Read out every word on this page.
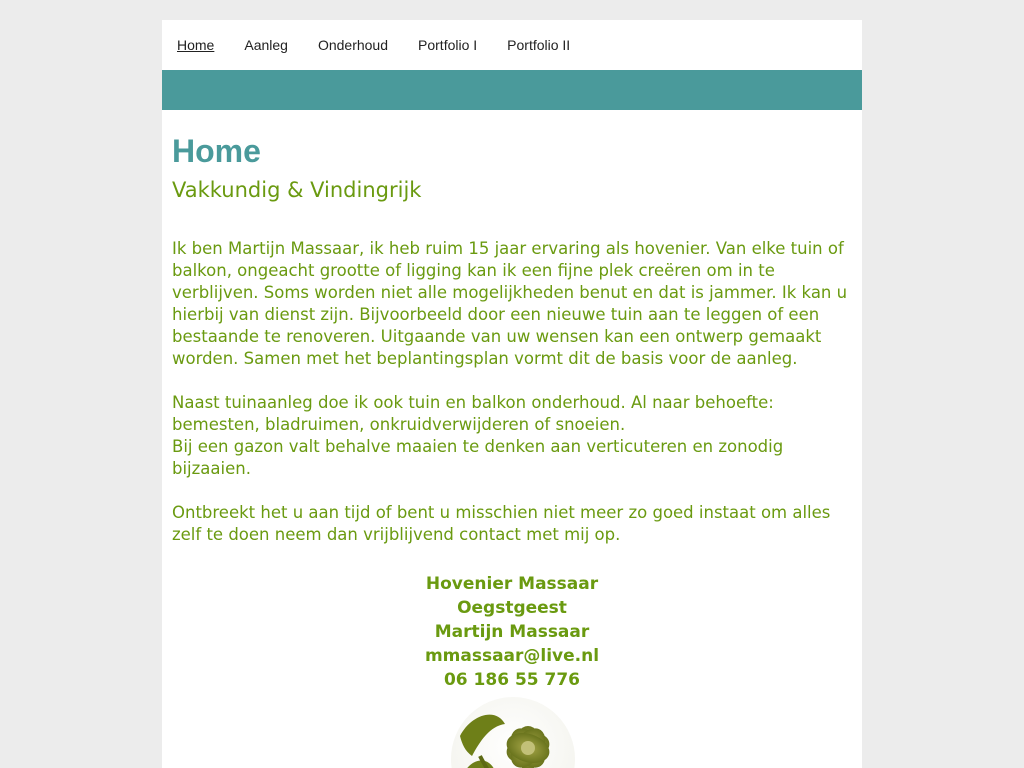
Home Aanleg Onderhoud Portfolio I Portfolio II
Home
Vakkundig & Vindingrijk

Ik ben Martijn Massaar, ik heb ruim 15 jaar ervaring als hovenier. Van elke tuin of balkon, ongeacht grootte of ligging kan ik een fijne plek creëren om in te verblijven. Soms worden niet alle mogelijkheden benut en dat is jammer. Ik kan u hierbij van dienst zijn. Bijvoorbeeld door een nieuwe tuin aan te leggen of een bestaande te renoveren. Uitgaande van uw wensen kan een ontwerp gemaakt worden. Samen met het beplantingsplan vormt dit de basis voor de aanleg.

Naast tuinaanleg doe ik ook tuin en balkon onderhoud. Al naar behoefte: bemesten, bladruimen, onkruidverwijderen of snoeien.

Bij een gazon valt behalve maaien te denken aan verticuteren en zonodig bijzaaien.

Ontbreekt het u aan tijd of bent u misschien niet meer zo goed instaat om alles zelf te doen neem dan vrijblijvend contact met mij op.

Hovenier Massaar
Oegstgeest
Martijn Massaar
mmassaar@live.nl
06 186 55 776
